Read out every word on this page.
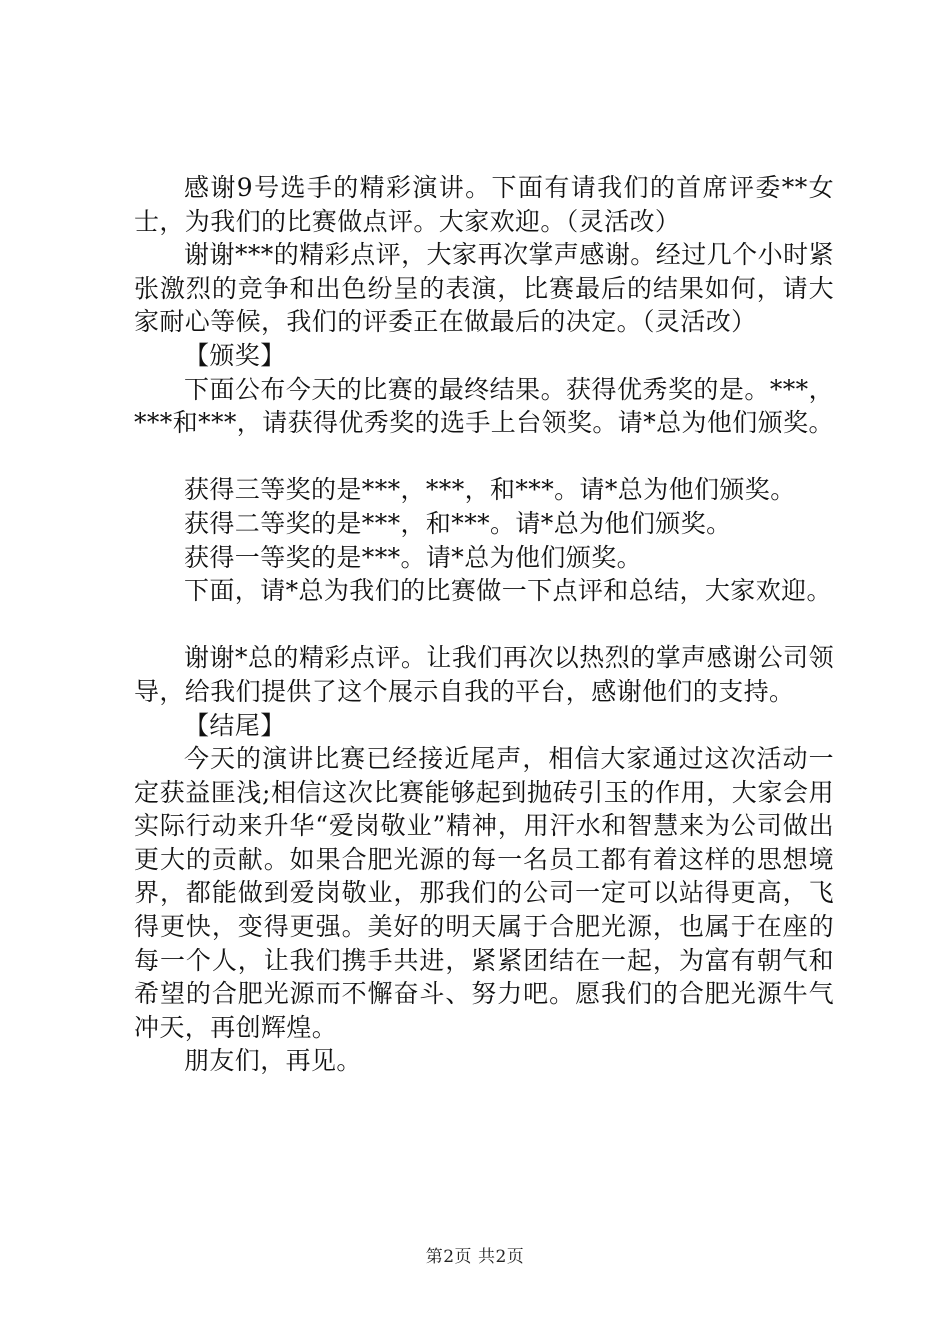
感谢9号选手的精彩演讲。下面有请我们的首席评委**女士，为我们的比赛做点评。大家欢迎。（灵活改）

谢谢***的精彩点评，大家再次掌声感谢。经过几个小时紧张激烈的竞争和出色纷呈的表演，比赛最后的结果如何，请大家耐心等候，我们的评委正在做最后的决定。（灵活改）

【颁奖】

下面公布今天的比赛的最终结果。获得优秀奖的是。***，***和***，请获得优秀奖的选手上台领奖。请*总为他们颁奖。

获得三等奖的是***，***，和***。请*总为他们颁奖。

获得二等奖的是***，和***。请*总为他们颁奖。

获得一等奖的是***。请*总为他们颁奖。

下面，请*总为我们的比赛做一下点评和总结，大家欢迎。

谢谢*总的精彩点评。让我们再次以热烈的掌声感谢公司领导，给我们提供了这个展示自我的平台，感谢他们的支持。

【结尾】

今天的演讲比赛已经接近尾声，相信大家通过这次活动一定获益匪浅;相信这次比赛能够起到抛砖引玉的作用，大家会用实际行动来升华“爱岗敬业”精神，用汗水和智慧来为公司做出更大的贡献。如果合肥光源的每一名员工都有着这样的思想境界，都能做到爱岗敬业，那我们的公司一定可以站得更高，飞得更快，变得更强。美好的明天属于合肥光源，也属于在座的每一个人，让我们携手共进，紧紧团结在一起，为富有朝气和希望的合肥光源而不懈奋斗、努力吧。愿我们的合肥光源牛气冲天，再创辉煌。

朋友们，再见。

第2页 共2页
